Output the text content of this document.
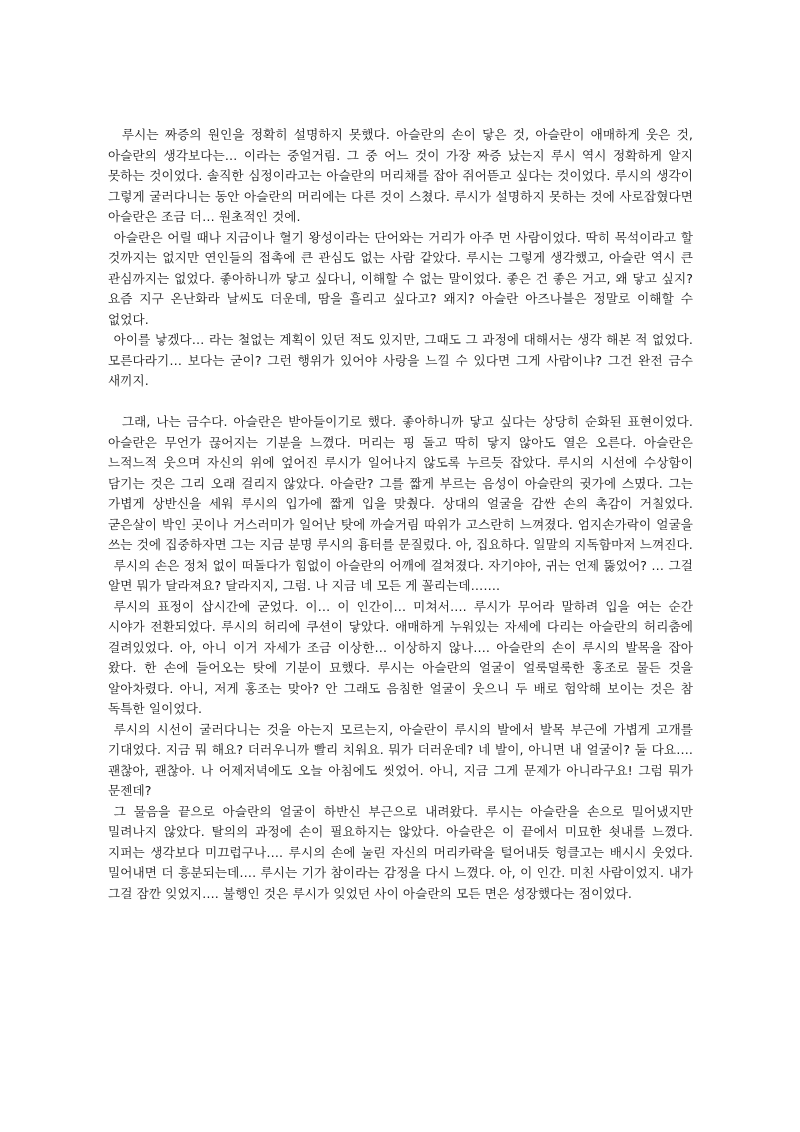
루시는 짜증의 원인을 정확히 설명하지 못했다. 아슬란의 손이 닿은 것, 아슬란이 애매하게 웃은 것, 아슬란의 생각보다는… 이라는 중얼거림. 그 중 어느 것이 가장 짜증 났는지 루시 역시 정확하게 알지 못하는 것이었다. 솔직한 심정이라고는 아슬란의 머리채를 잡아 쥐어뜯고 싶다는 것이었다. 루시의 생각이 그렇게 굴러다니는 동안 아슬란의 머리에는 다른 것이 스쳤다. 루시가 설명하지 못하는 것에 사로잡혔다면 아슬란은 조금 더… 원초적인 것에.

아슬란은 어릴 때나 지금이나 혈기 왕성이라는 단어와는 거리가 아주 먼 사람이었다. 딱히 목석이라고 할 것까지는 없지만 연인들의 접촉에 큰 관심도 없는 사람 같았다. 루시는 그렇게 생각했고, 아슬란 역시 큰 관심까지는 없었다. 좋아하니까 닿고 싶다니, 이해할 수 없는 말이었다. 좋은 건 좋은 거고, 왜 닿고 싶지? 요즘 지구 온난화라 날씨도 더운데, 땀을 흘리고 싶다고? 왜지? 아슬란 아즈나블은 정말로 이해할 수 없었다.

아이를 낳겠다… 라는 철없는 계획이 있던 적도 있지만, 그때도 그 과정에 대해서는 생각 해본 적 없었다. 모른다라기… 보다는 굳이? 그런 행위가 있어야 사랑을 느낄 수 있다면 그게 사람이냐? 그건 완전 금수 새끼지.

그래, 나는 금수다. 아슬란은 받아들이기로 했다. 좋아하니까 닿고 싶다는 상당히 순화된 표현이었다. 아슬란은 무언가 끊어지는 기분을 느꼈다. 머리는 핑 돌고 딱히 닿지 않아도 열은 오른다. 아슬란은 느적느적 웃으며 자신의 위에 엎어진 루시가 일어나지 않도록 누르듯 잡았다. 루시의 시선에 수상함이 담기는 것은 그리 오래 걸리지 않았다. 아슬란? 그를 짧게 부르는 음성이 아슬란의 귓가에 스몄다. 그는 가볍게 상반신을 세워 루시의 입가에 짧게 입을 맞췄다. 상대의 얼굴을 감싼 손의 촉감이 거칠었다. 굳은살이 박인 곳이나 거스러미가 일어난 탓에 까슬거림 따위가 고스란히 느껴졌다. 엄지손가락이 얼굴을 쓰는 것에 집중하자면 그는 지금 분명 루시의 흉터를 문질렀다. 아, 집요하다. 일말의 지독함마저 느껴진다.

루시의 손은 정처 없이 떠돌다가 힘없이 아슬란의 어깨에 걸쳐졌다. 자기야아, 귀는 언제 뚫었어? … 그걸 알면 뭐가 달라져요? 달라지지, 그럼. 나 지금 네 모든 게 꼴리는데…….

루시의 표정이 삽시간에 굳었다. 이… 이 인간이… 미쳐서…. 루시가 무어라 말하려 입을 여는 순간 시야가 전환되었다. 루시의 허리에 쿠션이 닿았다. 애매하게 누워있는 자세에 다리는 아슬란의 허리춤에 걸려있었다. 아, 아니 이거 자세가 조금 이상한… 이상하지 않나…. 아슬란의 손이 루시의 발목을 잡아 왔다. 한 손에 들어오는 탓에 기분이 묘했다. 루시는 아슬란의 얼굴이 얼룩덜룩한 홍조로 물든 것을 알아차렸다. 아니, 저게 홍조는 맞아? 안 그래도 음침한 얼굴이 웃으니 두 배로 험악해 보이는 것은 참 독특한 일이었다.

루시의 시선이 굴러다니는 것을 아는지 모르는지, 아슬란이 루시의 발에서 발목 부근에 가볍게 고개를 기대었다. 지금 뭐 해요? 더러우니까 빨리 치워요. 뭐가 더러운데? 네 발이, 아니면 내 얼굴이? 둘 다요…. 괜찮아, 괜찮아. 나 어제저녁에도 오늘 아침에도 씻었어. 아니, 지금 그게 문제가 아니라구요! 그럼 뭐가 문젠데?

그 물음을 끝으로 아슬란의 얼굴이 하반신 부근으로 내려왔다. 루시는 아슬란을 손으로 밀어냈지만 밀려나지 않았다. 탈의의 과정에 손이 필요하지는 않았다. 아슬란은 이 끝에서 미묘한 쇳내를 느꼈다. 지퍼는 생각보다 미끄럽구나…. 루시의 손에 눌린 자신의 머리카락을 털어내듯 헝클고는 배시시 웃었다. 밀어내면 더 흥분되는데…. 루시는 기가 참이라는 감정을 다시 느꼈다. 아, 이 인간. 미친 사람이었지. 내가 그걸 잠깐 잊었지…. 불행인 것은 루시가 잊었던 사이 아슬란의 모든 면은 성장했다는 점이었다.
